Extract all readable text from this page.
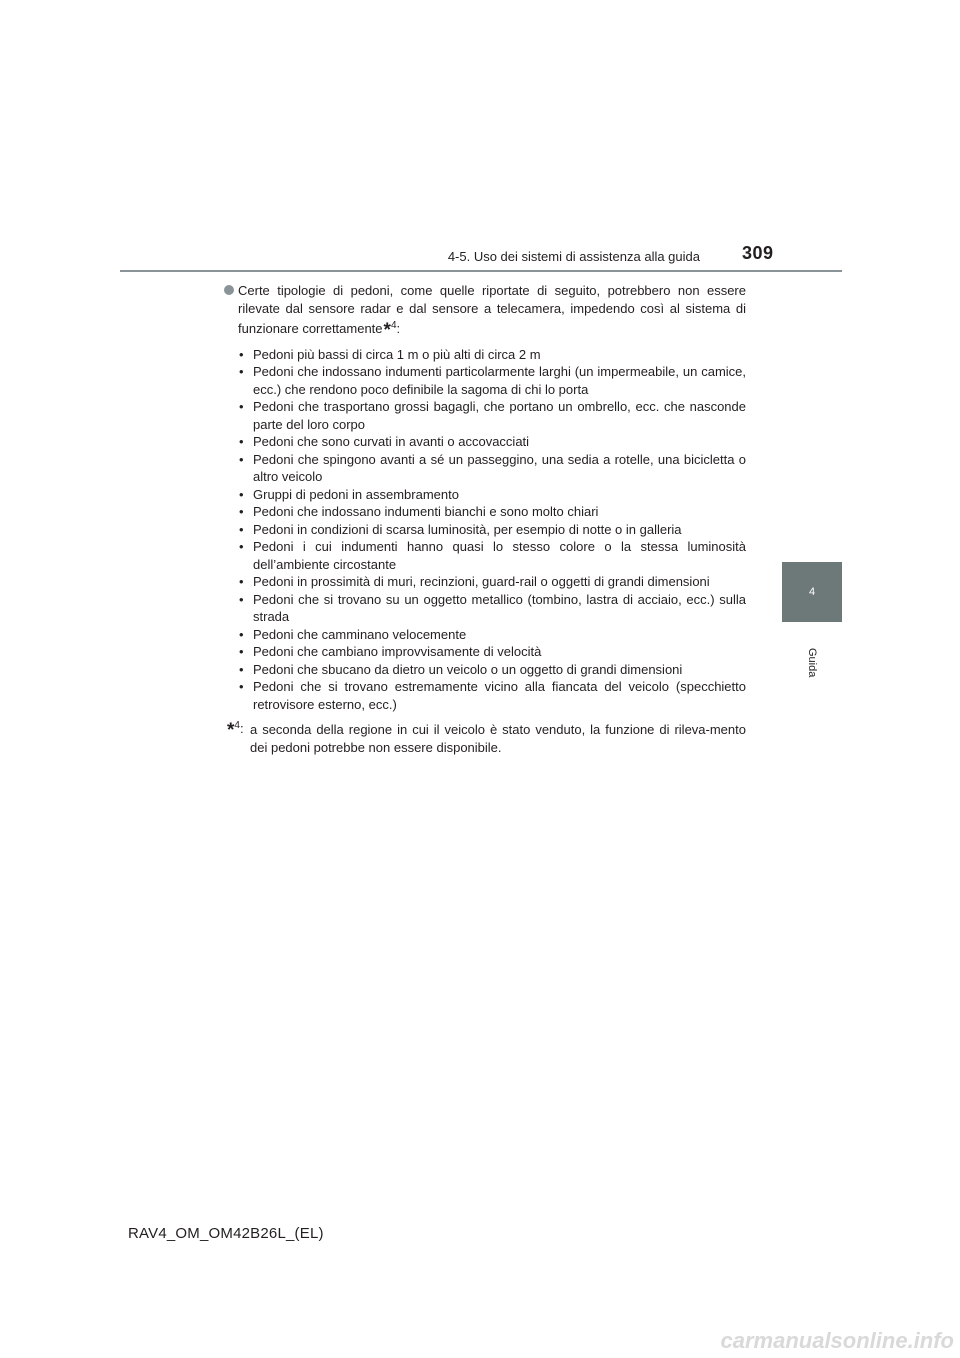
4-5. Uso dei sistemi di assistenza alla guida 309
4
Guida

Certe tipologie di pedoni, come quelle riportate di seguito, potrebbero non essere rilevate dal sensore radar e dal sensore a telecamera, impedendo così al sistema di funzionare correttamente*$^4$:

• Pedoni più bassi di circa 1 m o più alti di circa 2 m
• Pedoni che indossano indumenti particolarmente larghi (un impermeabile, un camice, ecc.) che rendono poco definibile la sagoma di chi lo porta
• Pedoni che trasportano grossi bagagli, che portano un ombrello, ecc. che nasconde parte del loro corpo
• Pedoni che sono curvati in avanti o accovacciati
• Pedoni che spingono avanti a sé un passeggino, una sedia a rotelle, una bicicletta o altro veicolo
• Gruppi di pedoni in assembramento
• Pedoni che indossano indumenti bianchi e sono molto chiari
• Pedoni in condizioni di scarsa luminosità, per esempio di notte o in galleria
• Pedoni i cui indumenti hanno quasi lo stesso colore o la stessa luminosità dell’ambiente circostante
• Pedoni in prossimità di muri, recinzioni, guard-rail o oggetti di grandi dimensioni
• Pedoni che si trovano su un oggetto metallico (tombino, lastra di acciaio, ecc.) sulla strada
• Pedoni che camminano velocemente
• Pedoni che cambiano improvvisamente di velocità
• Pedoni che sbucano da dietro un veicolo o un oggetto di grandi dimensioni
• Pedoni che si trovano estremamente vicino alla fiancata del veicolo (specchietto retrovisore esterno, ecc.)
*$^4$: a seconda della regione in cui il veicolo è stato venduto, la funzione di rileva-mento dei pedoni potrebbe non essere disponibile.
RAV4_OM_OM42B26L_(EL)
carmanualsonline.info
